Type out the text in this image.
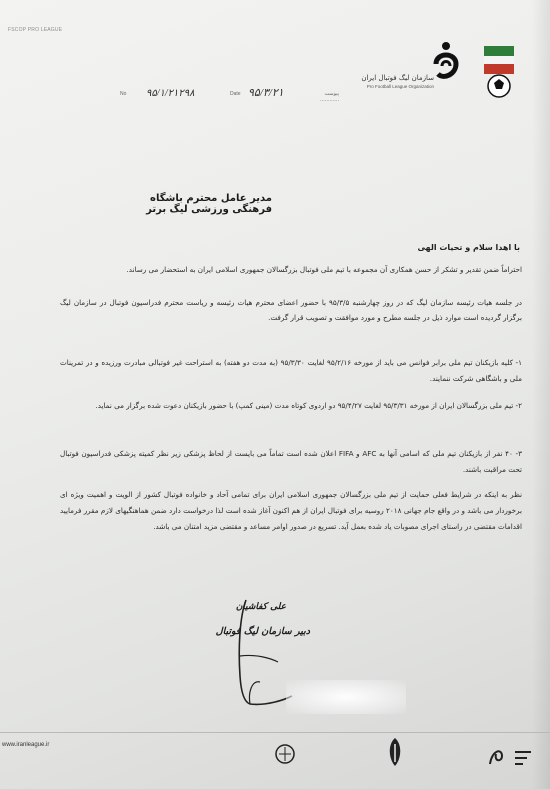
FSCOP PRO LEAGUE
سازمان لیگ فوتبال ایران
Pro Football League Organization
No ۹۵/۱/۲۱۲۹۸	Date ۹۵/۳/۲۱	پیوست ............
مدیر عامل محترم باشگاه فرهنگی ورزشی لیگ برتر
با اهدا سلام و تحیات الهی
احتراماً ضمن تقدیر و تشکر از حسن همکاری آن مجموعه با تیم ملی فوتبال بزرگسالان جمهوری اسلامی ایران به استحضار می رساند.
در جلسه هیات رئیسه سازمان لیگ که در روز چهارشنبه ۹۵/۳/۵ با حضور اعضای محترم هیات رئیسه و ریاست محترم فدراسیون فوتبال در سازمان لیگ برگزار گردیده است موارد ذیل در جلسه مطرح و مورد موافقت و تصویب قرار گرفت.
۱- کلیه بازیکنان تیم ملی برابر فوانس می باید از مورخه ۹۵/۲/۱۶ لغایت ۹۵/۳/۳۰ (به مدت دو هفته) به استراحت غیر فوتبالی مبادرت ورزیده و در تمرینات ملی و باشگاهی شرکت ننمایند.
۲- تیم ملی بزرگسالان ایران از مورخه ۹۵/۳/۳۱ لغایت ۹۵/۴/۲۷ دو اردوی کوتاه مدت (مینی کمپ) با حضور بازیکنان دعوت شده برگزار می نماید.
۳- ۴۰ نفر از بازیکنان تیم ملی که اسامی آنها به AFC و FIFA اعلان شده است تماماً می بایست از لحاظ پزشکی زیر نظر کمیته پزشکی فدراسیون فوتبال تحت مراقبت باشند.
نظر به اینکه در شرایط فعلی حمایت از تیم ملی بزرگسالان جمهوری اسلامی ایران برای تمامی آحاد و خانواده فوتبال کشور از الویت و اهمیت ویژه ای برخوردار می باشد و در واقع جام جهانی ۲۰۱۸ روسیه برای فوتبال ایران از هم اکنون آغاز شده است لذا درخواست دارد ضمن هماهنگیهای لازم مقرر فرمایید اقدامات مقتضی در راستای اجرای مصوبات یاد شده بعمل آید. تسریع در صدور اوامر مساعد و مقتضی مزید امتنان می باشد.
علی کفاشیان
دبیر سازمان لیگ فوتبال
www.iranleague.ir
